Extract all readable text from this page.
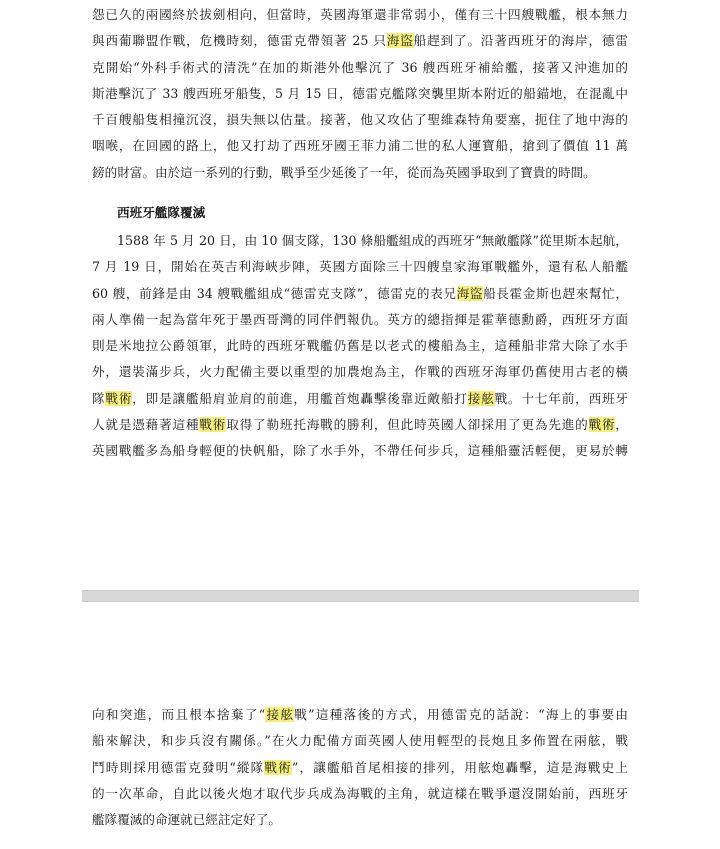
怨已久的兩國終於拔劍相向，但當時，英國海軍還非常弱小，僅有三十四艘戰艦，根本無力
與西葡聯盟作戰，危機時刻，德雷克帶領著 25 只海盜船趕到了。沿著西班牙的海岸，德雷
克開始“外科手術式的清洗”在加的斯港外他擊沉了 36 艘西班牙補給艦，接著又沖進加的
斯港擊沉了 33 艘西班牙船隻，5 月 15 日，德雷克艦隊突襲里斯本附近的船錨地，在混亂中
千百艘船隻相撞沉沒，損失無以估量。接著，他又攻佔了聖維森特角要塞，扼住了地中海的
咽喉，在回國的路上，他又打劫了西班牙國王菲力浦二世的私人運寶船，搶到了價值 11 萬
鎊的財富。由於這一系列的行動，戰爭至少延後了一年，從而為英國爭取到了寶貴的時間。
西班牙艦隊覆滅
1588 年 5 月 20 日，由 10 個支隊，130 條船艦組成的西班牙“無敵艦隊”從里斯本起航，
7 月 19 日，開始在英吉利海峽步陣，英國方面除三十四艘皇家海軍戰艦外，還有私人船艦
60 艘，前鋒是由 34 艘戰艦組成“德雷克支隊”，德雷克的表兄海盜船長霍金斯也趕來幫忙，
兩人準備一起為當年死于墨西哥灣的同伴們報仇。英方的總指揮是霍華德勳爵，西班牙方面
則是米地拉公爵領軍，此時的西班牙戰艦仍舊是以老式的樓船為主，這種船非常大除了水手
外，還裝滿步兵，火力配備主要以重型的加農炮為主，作戰的西班牙海軍仍舊使用古老的橫
隊戰術，即是讓艦船肩並肩的前進，用艦首炮轟擊後靠近敵船打接舷戰。十七年前，西班牙
人就是憑藉著這種戰術取得了勒班托海戰的勝利，但此時英國人卻採用了更為先進的戰術，
英國戰艦多為船身輕便的快帆船，除了水手外，不帶任何步兵，這種船靈活輕便，更易於轉
向和突進，而且根本捨棄了“接舷戰”這種落後的方式，用德雷克的話說：“海上的事要由
船來解決，和步兵沒有關係。”在火力配備方面英國人使用輕型的長炮且多佈置在兩舷，戰
鬥時則採用德雷克發明“縱隊戰術”，讓艦船首尾相接的排列，用舷炮轟擊，這是海戰史上
的一次革命，自此以後火炮才取代步兵成為海戰的主角，就這樣在戰爭還沒開始前，西班牙
艦隊覆滅的命運就已經註定好了。
